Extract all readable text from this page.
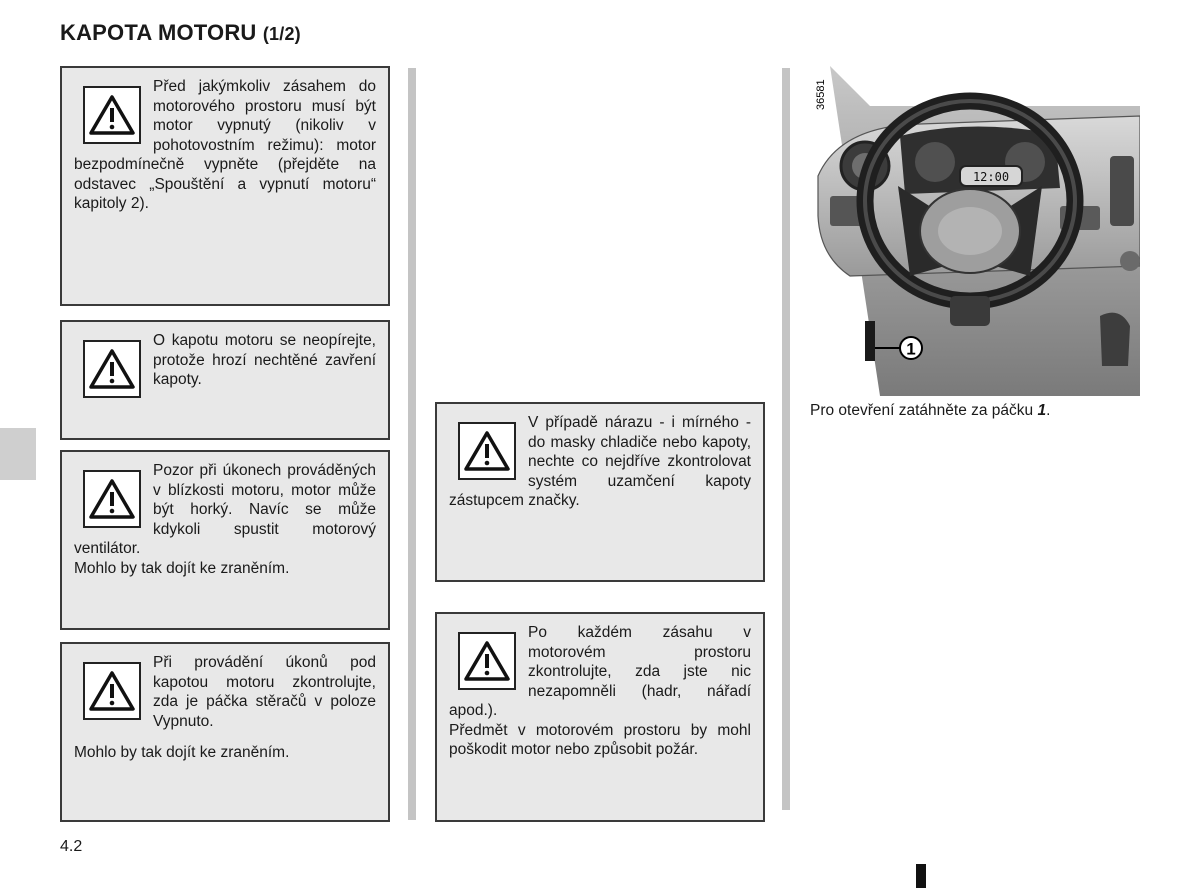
KAPOTA MOTORU (1/2)

Před jakýmkoliv zásahem do motorového prostoru musí být motor vypnutý (nikoliv v pohotovostním režimu): motor bezpodmínečně vypněte (přejděte na odstavec „Spouštění a vypnutí motoru“ kapitoly 2).

O kapotu motoru se neopírejte, protože hrozí nechtěné zavření kapoty.

Pozor při úkonech prováděných v blízkosti motoru, motor může být horký. Navíc se může kdykoli spustit motorový ventilátor.

Mohlo by tak dojít ke zraněním.

Při provádění úkonů pod kapotou motoru zkontrolujte, zda je páčka stěračů v poloze Vypnuto.

Mohlo by tak dojít ke zraněním.

V případě nárazu - i mírného - do masky chladiče nebo kapoty, nechte co nejdříve zkontrolovat systém uzamčení kapoty zástupcem značky.

Po každém zásahu v motorovém prostoru zkontrolujte, zda jste nic nezapomněli (hadr, nářadí apod.).

Předmět v motorovém prostoru by mohl poškodit motor nebo způsobit požár.

12:00
1
36581
Pro otevření zatáhněte za páčku 1.
4.2
